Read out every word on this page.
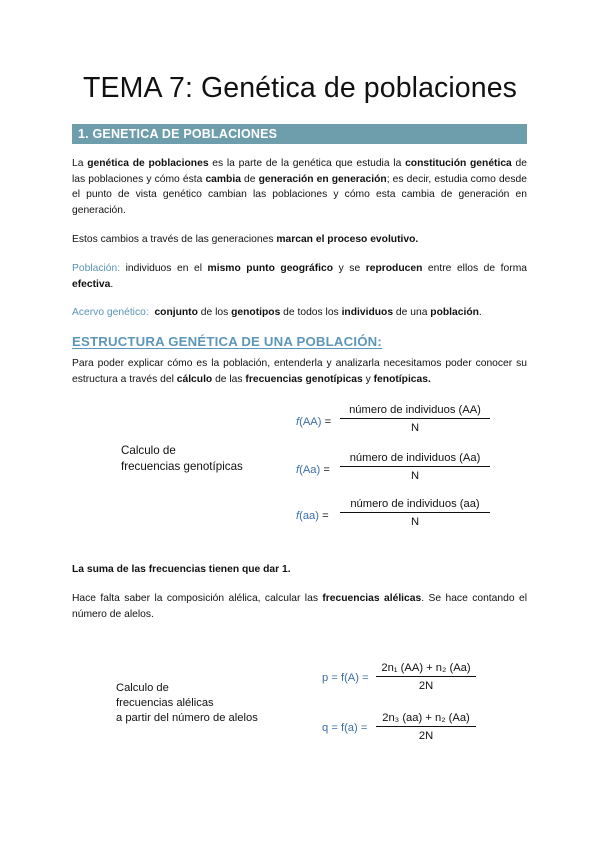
TEMA 7: Genética de poblaciones
1. GENETICA DE POBLACIONES

La genética de poblaciones es la parte de la genética que estudia la constitución genética de las poblaciones y cómo ésta cambia de generación en generación; es decir, estudia como desde el punto de vista genético cambian las poblaciones y cómo esta cambia de generación en generación.

Estos cambios a través de las generaciones marcan el proceso evolutivo.

Población: individuos en el mismo punto geográfico y se reproducen entre ellos de forma efectiva.

Acervo genético: conjunto de los genotipos de todos los individuos de una población.

ESTRUCTURA GENÉTICA DE UNA POBLACIÓN:

Para poder explicar cómo es la población, entenderla y analizarla necesitamos poder conocer su estructura a través del cálculo de las frecuencias genotípicas y fenotípicas.

Calculo de
frecuencias genotípicas
f(AA) =
número de individuos (AA)
N
f(Aa) =
número de individuos (Aa)
N
f(aa) =
número de individuos (aa)
N

La suma de las frecuencias tienen que dar 1.

Hace falta saber la composición alélica, calcular las frecuencias alélicas. Se hace contando el número de alelos.

Calculo de
frecuencias alélicas
a partir del número de alelos
$p = f(A) = \frac{\text{2n₁ (AA) + n₂ (Aa)}}{2N}$
$q = f(a) = \frac{\text{2n₃ (aa) + n₂ (Aa)}}{2N}$
